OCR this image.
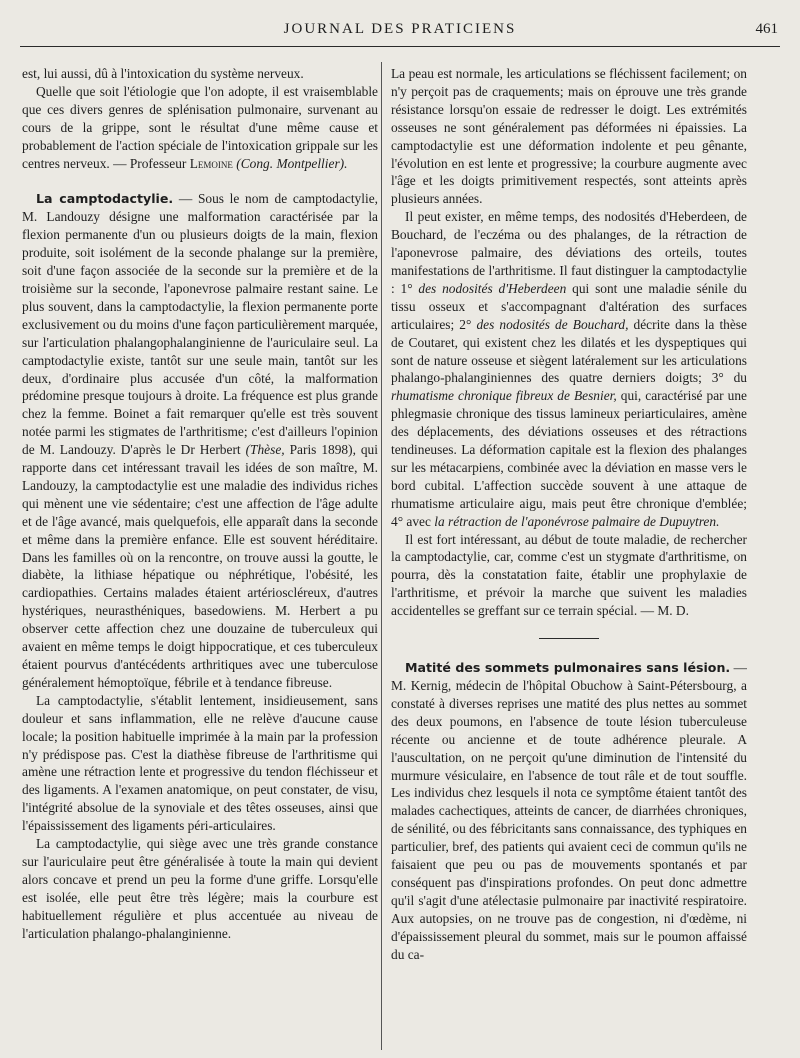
JOURNAL DES PRATICIENS	461

est, lui aussi, dû à l'intoxication du système nerveux.

Quelle que soit l'étiologie que l'on adopte, il est vraisemblable que ces divers genres de splénisation pulmonaire, survenant au cours de la grippe, sont le résultat d'une même cause et probablement de l'action spéciale de l'intoxication grippale sur les centres nerveux. — Professeur Lemoine (Cong. Montpellier).

La camptodactylie. — Sous le nom de camptodactylie, M. Landouzy désigne une malformation caractérisée par la flexion permanente d'un ou plusieurs doigts de la main, flexion produite, soit isolément de la seconde phalange sur la première, soit d'une façon associée de la seconde sur la première et de la troisième sur la seconde, l'aponevrose palmaire restant saine. Le plus souvent, dans la camptodactylie, la flexion permanente porte exclusivement ou du moins d'une façon particulièrement marquée, sur l'articulation phalangophalanginienne de l'auriculaire seul. La camptodactylie existe, tantôt sur une seule main, tantôt sur les deux, d'ordinaire plus accusée d'un côté, la malformation prédomine presque toujours à droite. La fréquence est plus grande chez la femme. Boinet a fait remarquer qu'elle est très souvent notée parmi les stigmates de l'arthritisme; c'est d'ailleurs l'opinion de M. Landouzy. D'après le Dr Herbert (Thèse, Paris 1898), qui rapporte dans cet intéressant travail les idées de son maître, M. Landouzy, la camptodactylie est une maladie des individus riches qui mènent une vie sédentaire; c'est une affection de l'âge adulte et de l'âge avancé, mais quelquefois, elle apparaît dans la seconde et même dans la première enfance. Elle est souvent héréditaire. Dans les familles où on la rencontre, on trouve aussi la goutte, le diabète, la lithiase hépatique ou néphrétique, l'obésité, les cardiopathies. Certains malades étaient artérioscléreux, d'autres hystériques, neurasthéniques, basedowiens. M. Herbert a pu observer cette affection chez une douzaine de tuberculeux qui avaient en même temps le doigt hippocratique, et ces tuberculeux étaient pourvus d'antécédents arthritiques avec une tuberculose généralement hémoptoïque, fébrile et à tendance fibreuse.

La camptodactylie, s'établit lentement, insidieusement, sans douleur et sans inflammation, elle ne relève d'aucune cause locale; la position habituelle imprimée à la main par la profession n'y prédispose pas. C'est la diathèse fibreuse de l'arthritisme qui amène une rétraction lente et progressive du tendon fléchisseur et des ligaments. A l'examen anatomique, on peut constater, de visu, l'intégrité absolue de la synoviale et des têtes osseuses, ainsi que l'épaississement des ligaments péri-articulaires.

La camptodactylie, qui siège avec une très grande constance sur l'auriculaire peut être généralisée à toute la main qui devient alors concave et prend un peu la forme d'une griffe. Lorsqu'elle est isolée, elle peut être très légère; mais la courbure est habituellement régulière et plus accentuée au niveau de l'articulation phalango-phalanginienne.

La peau est normale, les articulations se fléchissent facilement; on n'y perçoit pas de craquements; mais on éprouve une très grande résistance lorsqu'on essaie de redresser le doigt. Les extrémités osseuses ne sont généralement pas déformées ni épaissies. La camptodactylie est une déformation indolente et peu gênante, l'évolution en est lente et progressive; la courbure augmente avec l'âge et les doigts primitivement respectés, sont atteints après plusieurs années.

Il peut exister, en même temps, des nodosités d'Heberdeen, de Bouchard, de l'eczéma ou des phalanges, de la rétraction de l'aponevrose palmaire, des déviations des orteils, toutes manifestations de l'arthritisme. Il faut distinguer la camptodactylie : 1° des nodosités d'Heberdeen qui sont une maladie sénile du tissu osseux et s'accompagnant d'altération des surfaces articulaires; 2° des nodosités de Bouchard, décrite dans la thèse de Coutaret, qui existent chez les dilatés et les dyspeptiques qui sont de nature osseuse et siègent latéralement sur les articulations phalango-phalanginiennes des quatre derniers doigts; 3° du rhumatisme chronique fibreux de Besnier, qui, caractérisé par une phlegmasie chronique des tissus lamineux periarticulaires, amène des déplacements, des déviations osseuses et des rétractions tendineuses. La déformation capitale est la flexion des phalanges sur les métacarpiens, combinée avec la déviation en masse vers le bord cubital. L'affection succède souvent à une attaque de rhumatisme articulaire aigu, mais peut être chronique d'emblée; 4° avec la rétraction de l'aponévrose palmaire de Dupuytren.

Il est fort intéressant, au début de toute maladie, de rechercher la camptodactylie, car, comme c'est un stygmate d'arthritisme, on pourra, dès la constatation faite, établir une prophylaxie de l'arthritisme, et prévoir la marche que suivent les maladies accidentelles se greffant sur ce terrain spécial. — M. D.

Matité des sommets pulmonaires sans lésion. — M. Kernig, médecin de l'hôpital Obuchow à Saint-Pétersbourg, a constaté à diverses reprises une matité des plus nettes au sommet des deux poumons, en l'absence de toute lésion tuberculeuse récente ou ancienne et de toute adhérence pleurale. A l'auscultation, on ne perçoit qu'une diminution de l'intensité du murmure vésiculaire, en l'absence de tout râle et de tout souffle. Les individus chez lesquels il nota ce symptôme étaient tantôt des malades cachectiques, atteints de cancer, de diarrhées chroniques, de sénilité, ou des fébricitants sans connaissance, des typhiques en particulier, bref, des patients qui avaient ceci de commun qu'ils ne faisaient que peu ou pas de mouvements spontanés et par conséquent pas d'inspirations profondes. On peut donc admettre qu'il s'agit d'une atélectasie pulmonaire par inactivité respiratoire. Aux autopsies, on ne trouve pas de congestion, ni d'œdème, ni d'épaississement pleural du sommet, mais sur le poumon affaissé du ca-
